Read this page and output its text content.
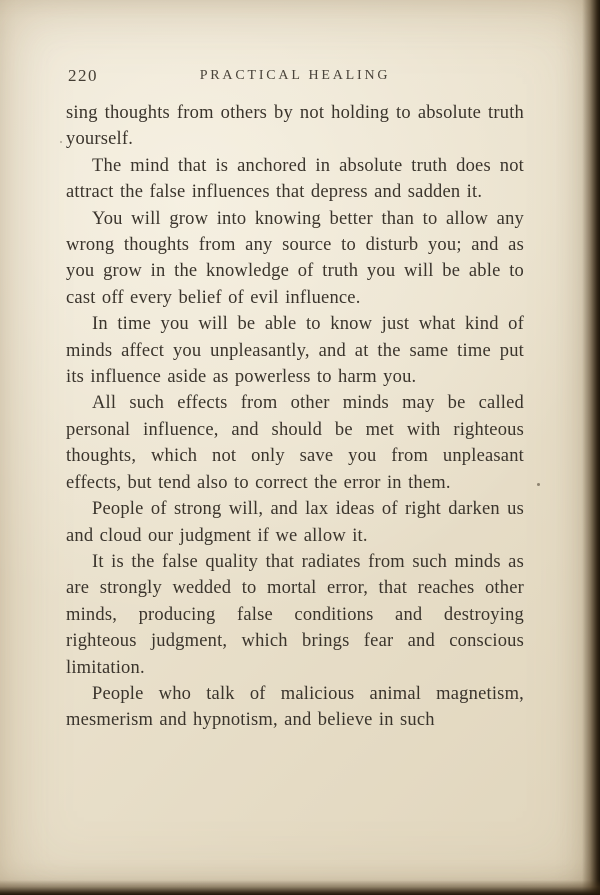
220	PRACTICAL HEALING

sing thoughts from others by not holding to absolute truth yourself.

The mind that is anchored in absolute truth does not attract the false influences that depress and sadden it.

You will grow into knowing better than to allow any wrong thoughts from any source to disturb you; and as you grow in the knowledge of truth you will be able to cast off every belief of evil influence.

In time you will be able to know just what kind of minds affect you unpleasantly, and at the same time put its influence aside as powerless to harm you.

All such effects from other minds may be called personal influence, and should be met with righteous thoughts, which not only save you from unpleasant effects, but tend also to correct the error in them.

People of strong will, and lax ideas of right darken us and cloud our judgment if we allow it.

It is the false quality that radiates from such minds as are strongly wedded to mortal error, that reaches other minds, producing false conditions and destroying righteous judgment, which brings fear and conscious limitation.

People who talk of malicious animal magnetism, mesmerism and hypnotism, and believe in such
